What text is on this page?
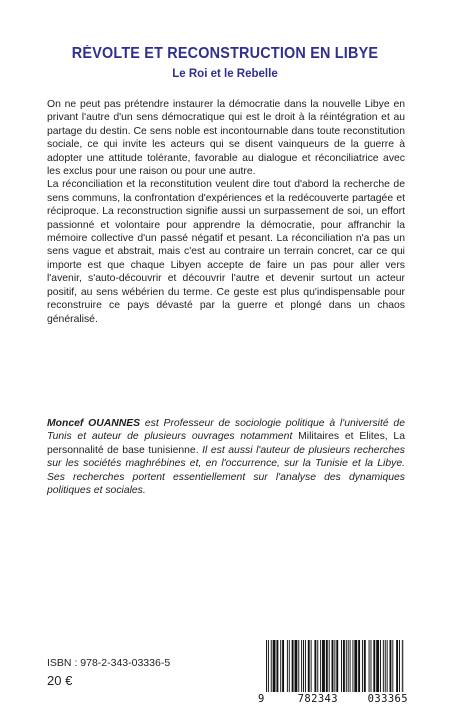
RÉVOLTE ET RECONSTRUCTION EN LIBYE
Le Roi et le Rebelle

On ne peut pas prétendre instaurer la démocratie dans la nouvelle Libye en privant l'autre d'un sens démocratique qui est le droit à la réintégration et au partage du destin. Ce sens noble est incontournable dans toute reconstitution sociale, ce qui invite les acteurs qui se disent vainqueurs de la guerre à adopter une attitude tolérante, favorable au dialogue et réconciliatrice avec les exclus pour une raison ou pour une autre.

La réconciliation et la reconstitution veulent dire tout d'abord la recherche de sens communs, la confrontation d'expériences et la redécouverte partagée et réciproque. La reconstruction signifie aussi un surpassement de soi, un effort passionné et volontaire pour apprendre la démocratie, pour affranchir la mémoire collective d'un passé négatif et pesant. La réconciliation n'a pas un sens vague et abstrait, mais c'est au contraire un terrain concret, car ce qui importe est que chaque Libyen accepte de faire un pas pour aller vers l'avenir, s'auto-découvrir et découvrir l'autre et devenir surtout un acteur positif, au sens wébérien du terme. Ce geste est plus qu'indispensable pour reconstruire ce pays dévasté par la guerre et plongé dans un chaos généralisé.

Moncef OUANNES est Professeur de sociologie politique à l'université de Tunis et auteur de plusieurs ouvrages notamment Militaires et Elites, La personnalité de base tunisienne. Il est aussi l'auteur de plusieurs recherches sur les sociétés maghrébines et, en l'occurrence, sur la Tunisie et la Libye. Ses recherches portent essentiellement sur l'analyse des dynamiques politiques et sociales.
ISBN : 978-2-343-03336-5
20 €
9	782343	033365
